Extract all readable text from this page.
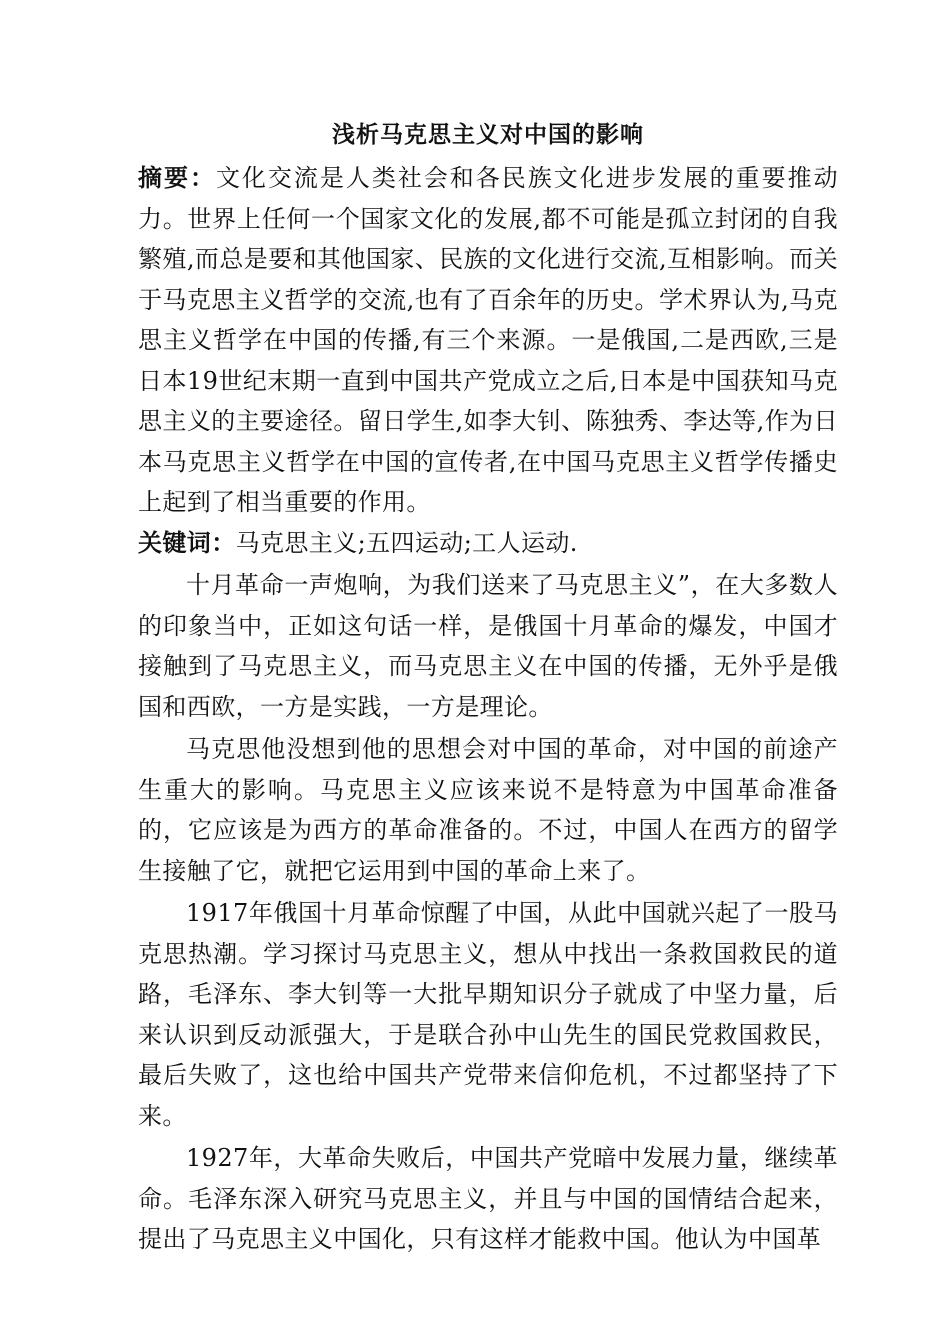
浅析马克思主义对中国的影响

摘要：文化交流是人类社会和各民族文化进步发展的重要推动力。世界上任何一个国家文化的发展,都不可能是孤立封闭的自我繁殖,而总是要和其他国家、民族的文化进行交流,互相影响。而关于马克思主义哲学的交流,也有了百余年的历史。学术界认为,马克思主义哲学在中国的传播,有三个来源。一是俄国,二是西欧,三是日本19世纪末期一直到中国共产党成立之后,日本是中国获知马克思主义的主要途径。留日学生,如李大钊、陈独秀、李达等,作为日本马克思主义哲学在中国的宣传者,在中国马克思主义哲学传播史上起到了相当重要的作用。

关键词：马克思主义;五四运动;工人运动.

十月革命一声炮响，为我们送来了马克思主义”，在大多数人的印象当中，正如这句话一样，是俄国十月革命的爆发，中国才接触到了马克思主义，而马克思主义在中国的传播，无外乎是俄国和西欧，一方是实践，一方是理论。

马克思他没想到他的思想会对中国的革命，对中国的前途产生重大的影响。马克思主义应该来说不是特意为中国革命准备的，它应该是为西方的革命准备的。不过，中国人在西方的留学生接触了它，就把它运用到中国的革命上来了。

1917年俄国十月革命惊醒了中国，从此中国就兴起了一股马克思热潮。学习探讨马克思主义，想从中找出一条救国救民的道路，毛泽东、李大钊等一大批早期知识分子就成了中坚力量，后来认识到反动派强大，于是联合孙中山先生的国民党救国救民，最后失败了，这也给中国共产党带来信仰危机，不过都坚持了下来。

1927年，大革命失败后，中国共产党暗中发展力量，继续革命。毛泽东深入研究马克思主义，并且与中国的国情结合起来，提出了马克思主义中国化，只有这样才能救中国。他认为中国革
